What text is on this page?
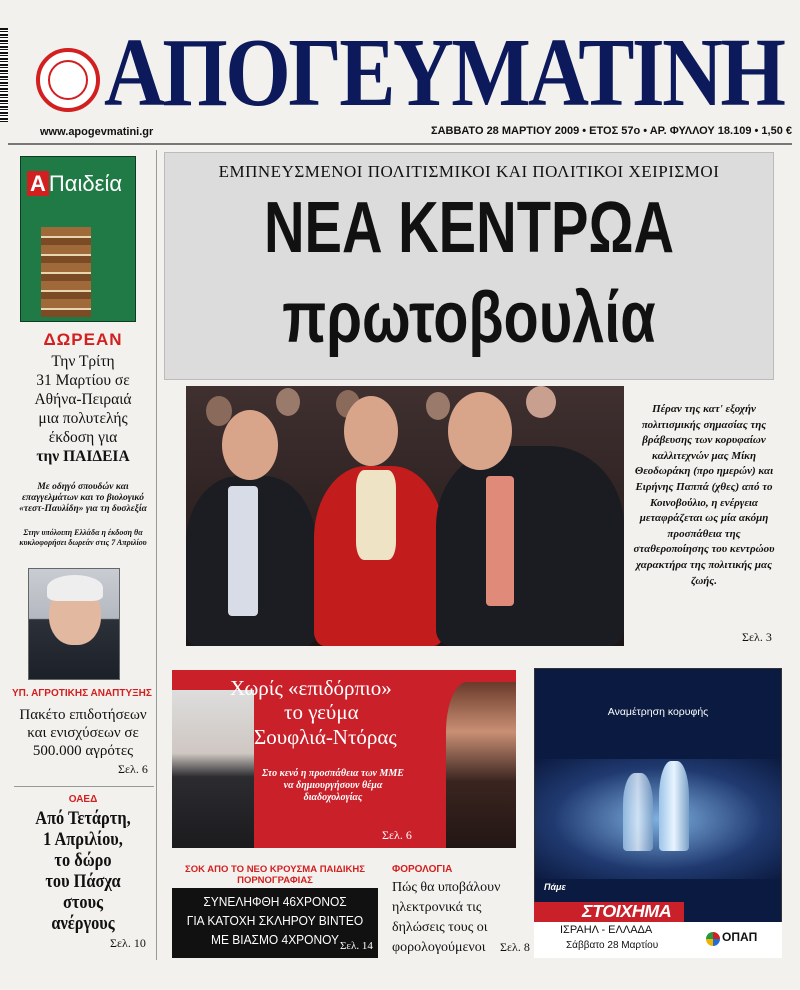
ΑΠΟΓΕΥΜΑΤΙΝΗ
www.apogevmatini.gr	ΣΑΒΒΑΤΟ 28 ΜΑΡΤΙΟΥ 2009 • ΕΤΟΣ 57ο • ΑΡ. ΦΥΛΛΟΥ 18.109 • 1,50 €
Α Παιδεία
ΔΩΡΕΑΝ
Την Τρίτη
31 Μαρτίου σε
Αθήνα-Πειραιά
μια πολυτελής
έκδοση για
την ΠΑΙΔΕΙΑ
Με οδηγό σπουδών και επαγγελμάτων και το βιολογικό «τεστ-Παυλίδη» για τη δυσλεξία
Στην υπόλοιπη Ελλάδα η έκδοση θα κυκλοφορήσει δωρεάν στις 7 Απριλίου
ΥΠ. ΑΓΡΟΤΙΚΗΣ ΑΝΑΠΤΥΞΗΣ
Πακέτο επιδοτήσεων και ενισχύσεων σε 500.000 αγρότες
Σελ. 6
ΟΑΕΔ
Από Τετάρτη,
1 Απριλίου,
το δώρο
του Πάσχα
στους
ανέργους
Σελ. 10
ΕΜΠΝΕΥΣΜΕΝΟΙ ΠΟΛΙΤΙΣΜΙΚΟΙ ΚΑΙ ΠΟΛΙΤΙΚΟΙ ΧΕΙΡΙΣΜΟΙ
ΝΕΑ ΚΕΝΤΡΩΑ
πρωτοβουλία
Πέραν της κατ' εξοχήν πολιτισμικής σημασίας της βράβευσης των κορυφαίων καλλιτεχνών μας Μίκη Θεοδωράκη (προ ημερών) και Ειρήνης Παππά (χθες) από το Κοινοβούλιο, η ενέργεια μεταφράζεται ως μία ακόμη προσπάθεια της σταθεροποίησης του κεντρώου χαρακτήρα της πολιτικής μας ζωής.
Σελ. 3
Χωρίς «επιδόρπιο»
το γεύμα
Σουφλιά-Ντόρας
Στο κενό η προσπάθεια των ΜΜΕ να δημιουργήσουν θέμα διαδοχολογίας
Σελ. 6
ΣΟΚ ΑΠΟ ΤΟ ΝΕΟ ΚΡΟΥΣΜΑ ΠΑΙΔΙΚΗΣ ΠΟΡΝΟΓΡΑΦΙΑΣ
ΣΥΝΕΛΗΦΘΗ 46ΧΡΟΝΟΣ
ΓΙΑ ΚΑΤΟΧΗ ΣΚΛΗΡΟΥ ΒΙΝΤΕΟ
ΜΕ ΒΙΑΣΜΟ 4ΧΡΟΝΟΥ Σελ. 14
ΦΟΡΟΛΟΓΙΑ
Πώς θα υποβάλουν ηλεκτρονικά τις δηλώσεις τους οι φορολογούμενοι	Σελ. 8
Αναμέτρηση κορυφής
Πάμε
ΣΤΟΙΧΗΜΑ
ΙΣΡΑΗΛ - ΕΛΛΑΔΑ
Σάββατο 28 Μαρτίου
ΟΠΑΠ
